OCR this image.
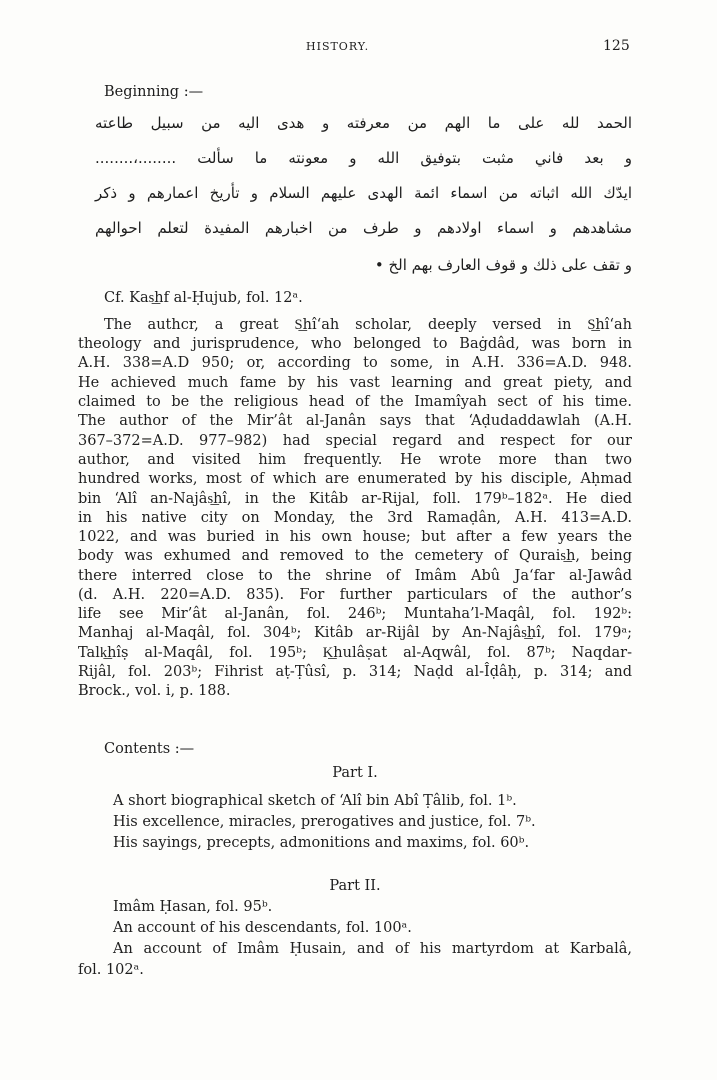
HISTORY.	125
Beginning :—
الحمد لله على ما الهم من معرفته و هدى اليه من سبيل طاعته
و بعد فاني مثبت بتوفيق الله و معونته ما سألت ........،........
ايدّك الله اثباته من اسماء ائمة الهدى عليهم السلام و تأريخ اعمارهم و ذكر
مشاهدهم و اسماء اولادهم و طرف من اخبارهم المفيدة لتعلم احوالهم
و تقف على ذلك و قوف العارف بهم الخ •
Cf. Kas͟hf al-Ḥujub, fol. 12ᵃ.
The authcr, a great S͟hî‘ah scholar, deeply versed in S͟hî‘ah
theology and jurisprudence, who belonged to Baġdâd, was born in
A.H. 338=A.D 950; or, according to some, in A.H. 336=A.D. 948.
He achieved much fame by his vast learning and great piety, and
claimed to be the religious head of the Imamîyah sect of his time.
The author of the Mir’ât al-Janân says that ‘Aḍudaddawlah (A.H.
367–372=A.D. 977–982) had special regard and respect for our
author, and visited him frequently. He wrote more than two
hundred works, most of which are enumerated by his disciple, Aḥmad
bin ‘Alî an-Najâs͟hî, in the Kitâb ar-Rijal, foll. 179ᵇ–182ᵃ. He died
in his native city on Monday, the 3rd Ramaḍân, A.H. 413=A.D.
1022, and was buried in his own house; but after a few years the
body was exhumed and removed to the cemetery of Qurais͟h, being
there interred close to the shrine of Imâm Abû Ja‘far al-Jawâd
(d. A.H. 220=A.D. 835). For further particulars of the author’s
life see Mir’ât al-Janân, fol. 246ᵇ; Muntaha’l-Maqâl, fol. 192ᵇ:
Manhaj al-Maqâl, fol. 304ᵇ; Kitâb ar-Rijâl by An-Najâs͟hî, fol. 179ᵃ;
Talk͟hîṣ al-Maqâl, fol. 195ᵇ; K͟hulâṣat al-Aqwâl, fol. 87ᵇ; Naqdar-
Rijâl, fol. 203ᵇ; Fihrist aṭ-Ṭûsî, p. 314; Naḍd al-Îḍâḥ, p. 314; and
Brock., vol. i, p. 188.
Contents :—
Part I.
A short biographical sketch of ‘Alî bin Abî Ṭâlib, fol. 1ᵇ.
His excellence, miracles, prerogatives and justice, fol. 7ᵇ.
His sayings, precepts, admonitions and maxims, fol. 60ᵇ.
Part II.
Imâm Ḥasan, fol. 95ᵇ.
An account of his descendants, fol. 100ᵃ.
An account of Imâm Ḥusain, and of his martyrdom at Karbalâ,
fol. 102ᵃ.
